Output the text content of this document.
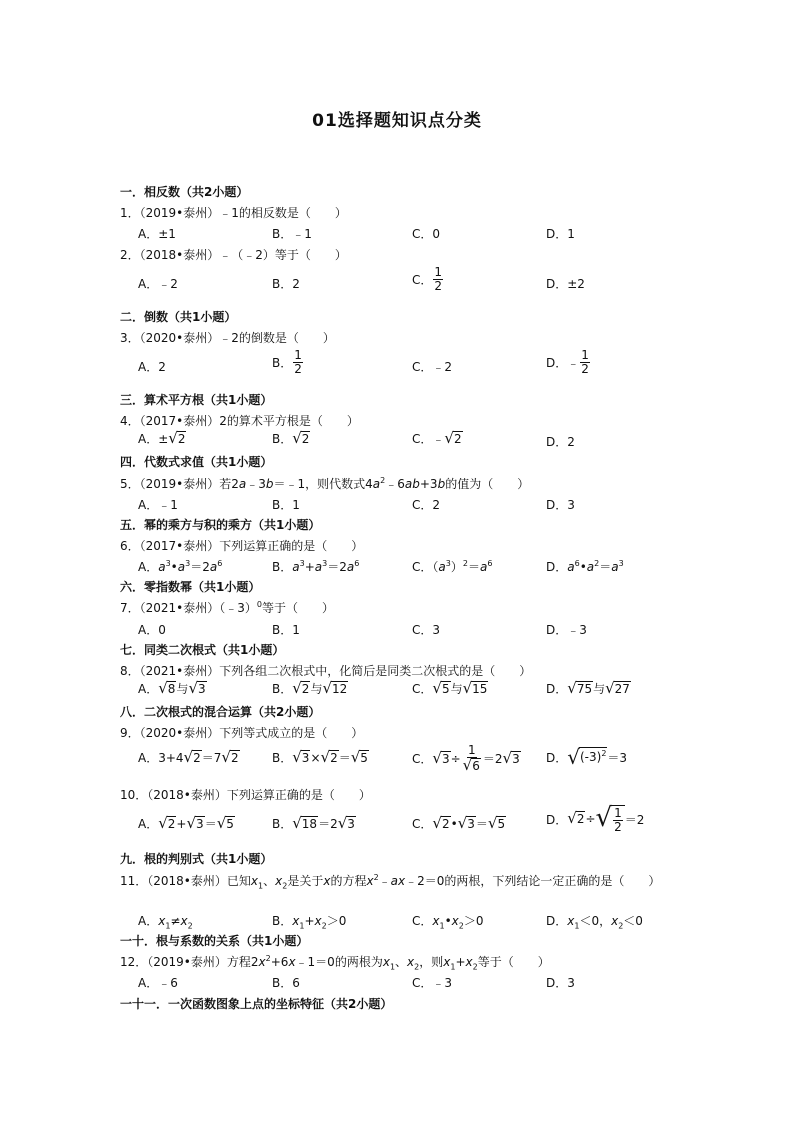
01选择题知识点分类
一．相反数（共2小题）
1．（2019•泰州）﹣1的相反数是（　　）
A．±1	B．﹣1	C．0	D．1
2．（2018•泰州）﹣（﹣2）等于（　　）
A．﹣2	B．2	C． $\frac{1}{2}$	D．±2
二．倒数（共1小题）
3．（2020•泰州）﹣2的倒数是（　　）
A．2	B． $\frac{1}{2}$	C．﹣2	D．﹣ $\frac{1}{2}$
三．算术平方根（共1小题）
4．（2017•泰州）2的算术平方根是（　　）
A．± √ 2	B． √ 2	C．﹣ √ 2	D．2
四．代数式求值（共1小题）
5．（2019•泰州）若2a﹣3b＝﹣1，则代数式$4a^2﹣6ab+3b$的值为（　　）
A．﹣1	B．1	C．2	D．3
五．幂的乘方与积的乘方（共1小题）
6．（2017•泰州）下列运算正确的是（　　）
A．$a^3•a^3=2a^6$	B．$a^3+a^3=2a^6$	C．$(a^3)^2=a^6$	D．$a^6•a^2=a^3$
六．零指数幂（共1小题）
7．（2021•泰州）（﹣3）$^0$等于（　　）
A．0	B．1	C．3	D．﹣3
七．同类二次根式（共1小题）
8．（2021•泰州）下列各组二次根式中，化简后是同类二次根式的是（　　）
A． √ 8 与 √ 3	B． √ 2 与 √ 12	C． √ 5 与 √ 15	D． √ 75 与 √ 27
八．二次根式的混合运算（共2小题）
9．（2020•泰州）下列等式成立的是（　　）
A．3+4 √ 2 ＝7 √ 2	B． √ 3 × √ 2 ＝ √ 5	C． √ $3 \div \frac{1}{√ 6} =2$ √ 3 D． √ $(-3)^2 =3$
10．（2018•泰州）下列运算正确的是（　　）
A． √ 2 + √ 3 ＝ √ 5	B． √ 18 ＝2 √ 3	C． √ 2 • √ 3 ＝ √ 5	D． √ 2 ÷ √ $\frac{1}{2} =2$
九．根的判别式（共1小题）
11．（2018•泰州）已知$x_1$、$x_2$是关于x的方程$x^2﹣ax﹣2=0$的两根，下列结论一定正确的是（　　）
A．$x_1\ne x_2$	B．$x_1+x_2>0$	C．$x_1•x_2>0$	D．$x_1<0$，$x_2<0$
一十．根与系数的关系（共1小题）
12．（2019•泰州）方程$2x^2+6x﹣1=0$的两根为$x_1$、$x_2$，则$x_1+x_2$等于（　　）
A．﹣6	B．6	C．﹣3	D．3
一十一．一次函数图象上点的坐标特征（共2小题）
